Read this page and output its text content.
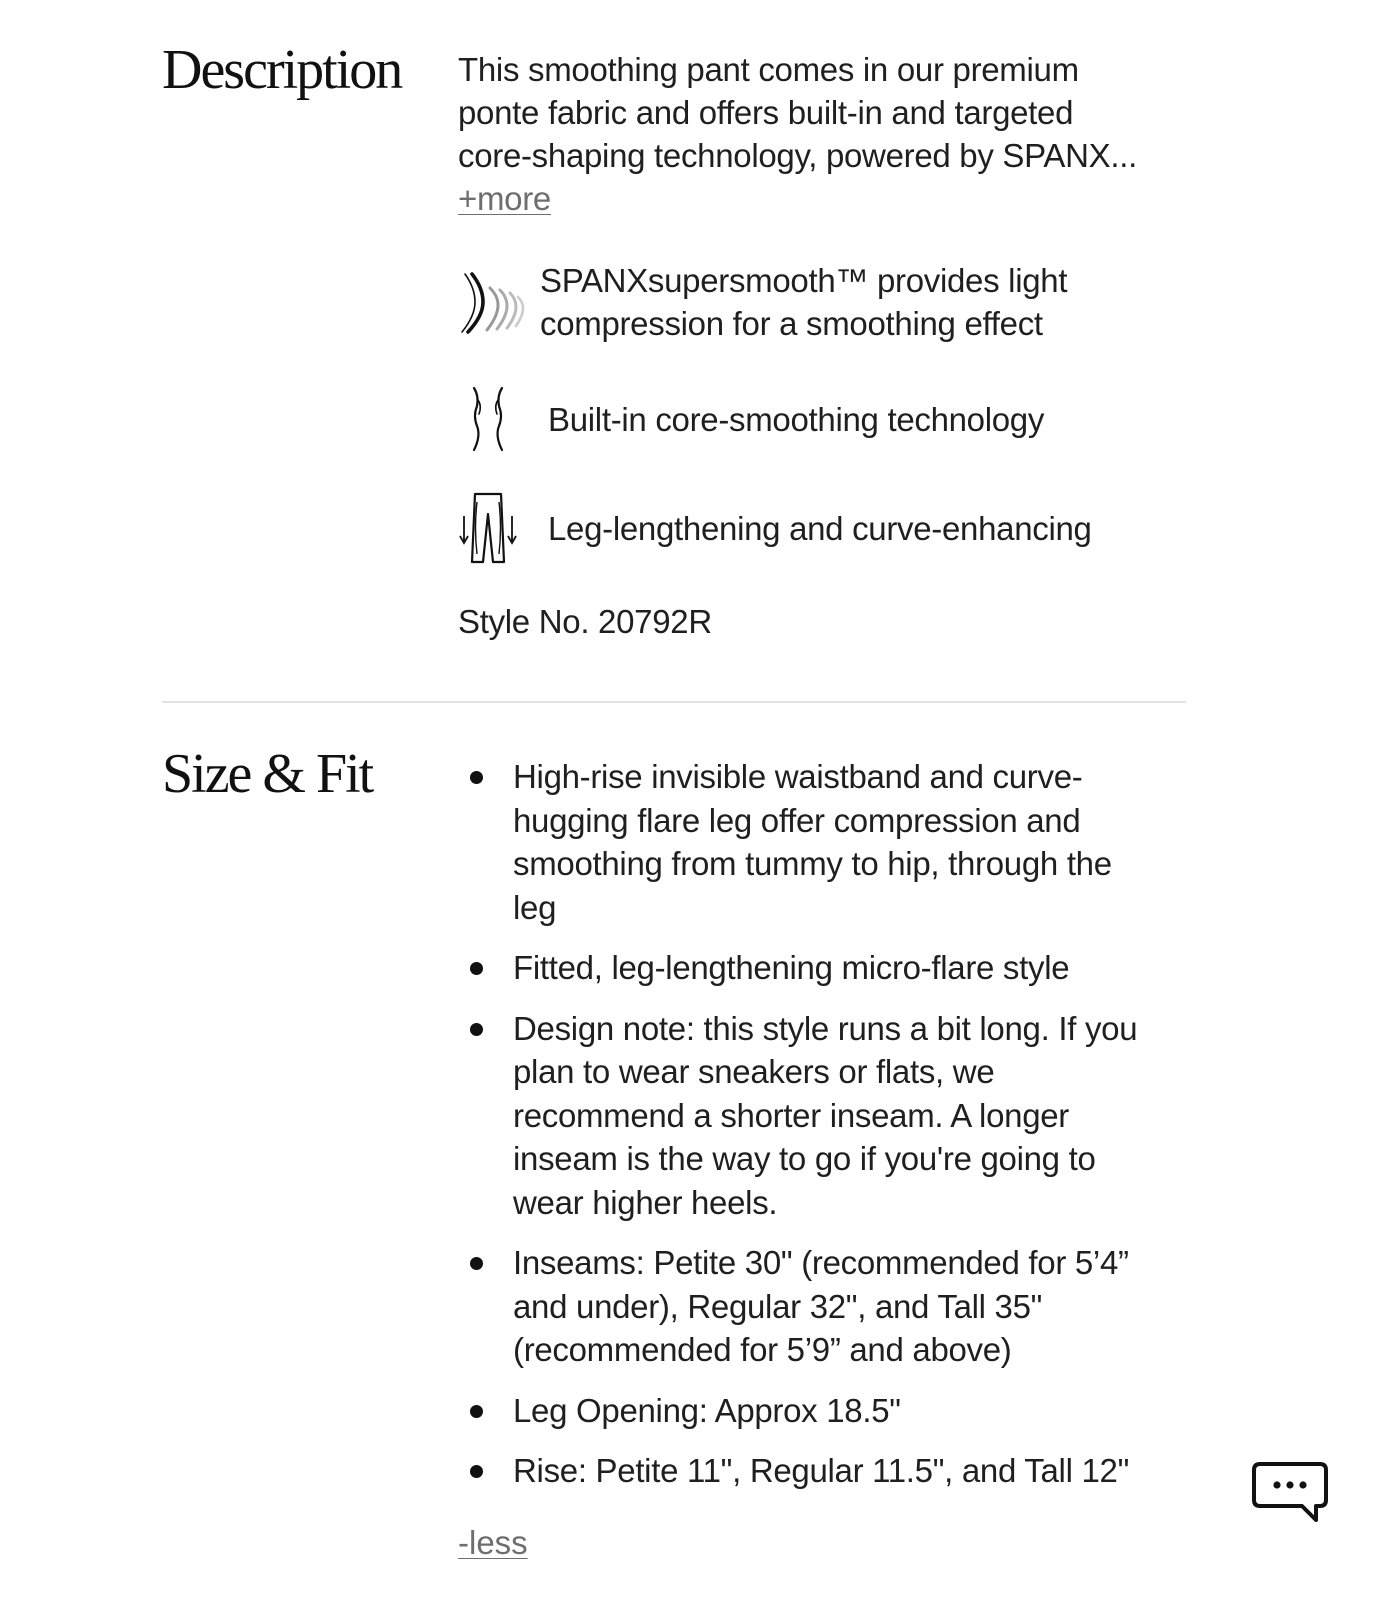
Description This smoothing pant comes in our premium
ponte fabric and offers built-in and targeted
core-shaping technology, powered by SPANX...

+more
SPANXsupersmooth™ provides light
compression for a smoothing effect
Built-in core-smoothing technology
Leg-lengthening and curve-enhancing
Style No. 20792R
Size & Fit	High-rise invisible waistband and curve-
hugging flare leg offer compression and
smoothing from tummy to hip, through the
leg
Fitted, leg-lengthening micro-flare style
Design note: this style runs a bit long. If you
plan to wear sneakers or flats, we
recommend a shorter inseam. A longer
inseam is the way to go if you're going to
wear higher heels.
Inseams: Petite 30" (recommended for 5’4”
and under), Regular 32", and Tall 35"
(recommended for 5’9” and above)
Leg Opening: Approx 18.5"
Rise: Petite 11", Regular 11.5", and Tall 12"
-less
